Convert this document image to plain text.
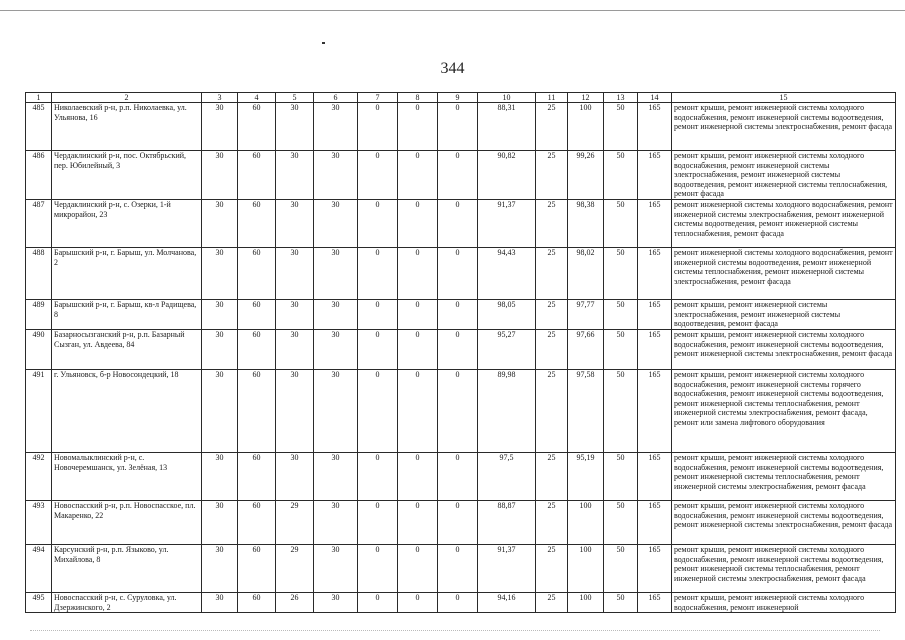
344
1	2	3	4	5	6	7	8	9	10	11	12	13	14	15
485	Николаевский р-н, р.п. Николаевка, ул. Ульянова, 16	30	60	30	30	0	0	0	88,31	25	100	50	165	ремонт крыши, ремонт инженерной системы холодного водоснабжения, ремонт инженерной системы водоотведения, ремонт инженерной системы электроснабжения, ремонт фасада
486	Чердаклинский р-н, пос. Октябрьский, пер. Юбилейный, 3	30	60	30	30	0	0	0	90,82	25	99,26	50	165	ремонт крыши, ремонт инженерной системы холодного водоснабжения, ремонт инженерной системы электроснабжения, ремонт инженерной системы водоотведения, ремонт инженерной системы теплоснабжения, ремонт фасада
487	Чердаклинский р-н, с. Озерки, 1-й микрорайон, 23	30	60	30	30	0	0	0	91,37	25	98,38	50	165	ремонт инженерной системы холодного водоснабжения, ремонт инженерной системы электроснабжения, ремонт инженерной системы водоотведения, ремонт инженерной системы теплоснабжения, ремонт фасада
488	Барышский р-н, г. Барыш, ул. Молчанова, 2	30	60	30	30	0	0	0	94,43	25	98,02	50	165	ремонт инженерной системы холодного водоснабжения, ремонт инженерной системы водоотведения, ремонт инженерной системы теплоснабжения, ремонт инженерной системы электроснабжения, ремонт фасада
489	Барышский р-н, г. Барыш, кв-л Радищева, 8	30	60	30	30	0	0	0	98,05	25	97,77	50	165	ремонт крыши, ремонт инженерной системы электроснабжения, ремонт инженерной системы водоотведения, ремонт фасада
490	Базарносызганский р-н, р.п. Базарный Сызган, ул. Авдеева, 84	30	60	30	30	0	0	0	95,27	25	97,66	50	165	ремонт крыши, ремонт инженерной системы холодного водоснабжения, ремонт инженерной системы водоотведения, ремонт инженерной системы электроснабжения, ремонт фасада
491	г. Ульяновск, б-р Новосондецкий, 18	30	60	30	30	0	0	0	89,98	25	97,58	50	165	ремонт крыши, ремонт инженерной системы холодного водоснабжения, ремонт инженерной системы горячего водоснабжения, ремонт инженерной системы водоотведения, ремонт инженерной системы теплоснабжения, ремонт инженерной системы электроснабжения, ремонт фасада, ремонт или замена лифтового оборудования
492	Новомалыклинский р-н, с. Новочеремшанск, ул. Зелёная, 13	30	60	30	30	0	0	0	97,5	25	95,19	50	165	ремонт крыши, ремонт инженерной системы холодного водоснабжения, ремонт инженерной системы водоотведения, ремонт инженерной системы теплоснабжения, ремонт инженерной системы электроснабжения, ремонт фасада
493	Новоспасский р-н, р.п. Новоспасское, пл. Макаренко, 22	30	60	29	30	0	0	0	88,87	25	100	50	165	ремонт крыши, ремонт инженерной системы холодного водоснабжения, ремонт инженерной системы водоотведения, ремонт инженерной системы электроснабжения, ремонт фасада
494	Карсунский р-н, р.п. Языково, ул. Михайлова, 8	30	60	29	30	0	0	0	91,37	25	100	50	165	ремонт крыши, ремонт инженерной системы холодного водоснабжения, ремонт инженерной системы водоотведения, ремонт инженерной системы теплоснабжения, ремонт инженерной системы электроснабжения, ремонт фасада
495	Новоспасский р-н, с. Суруловка, ул. Дзержинского, 2	30	60	26	30	0	0	0	94,16	25	100	50	165	ремонт крыши, ремонт инженерной системы холодного водоснабжения, ремонт инженерной
